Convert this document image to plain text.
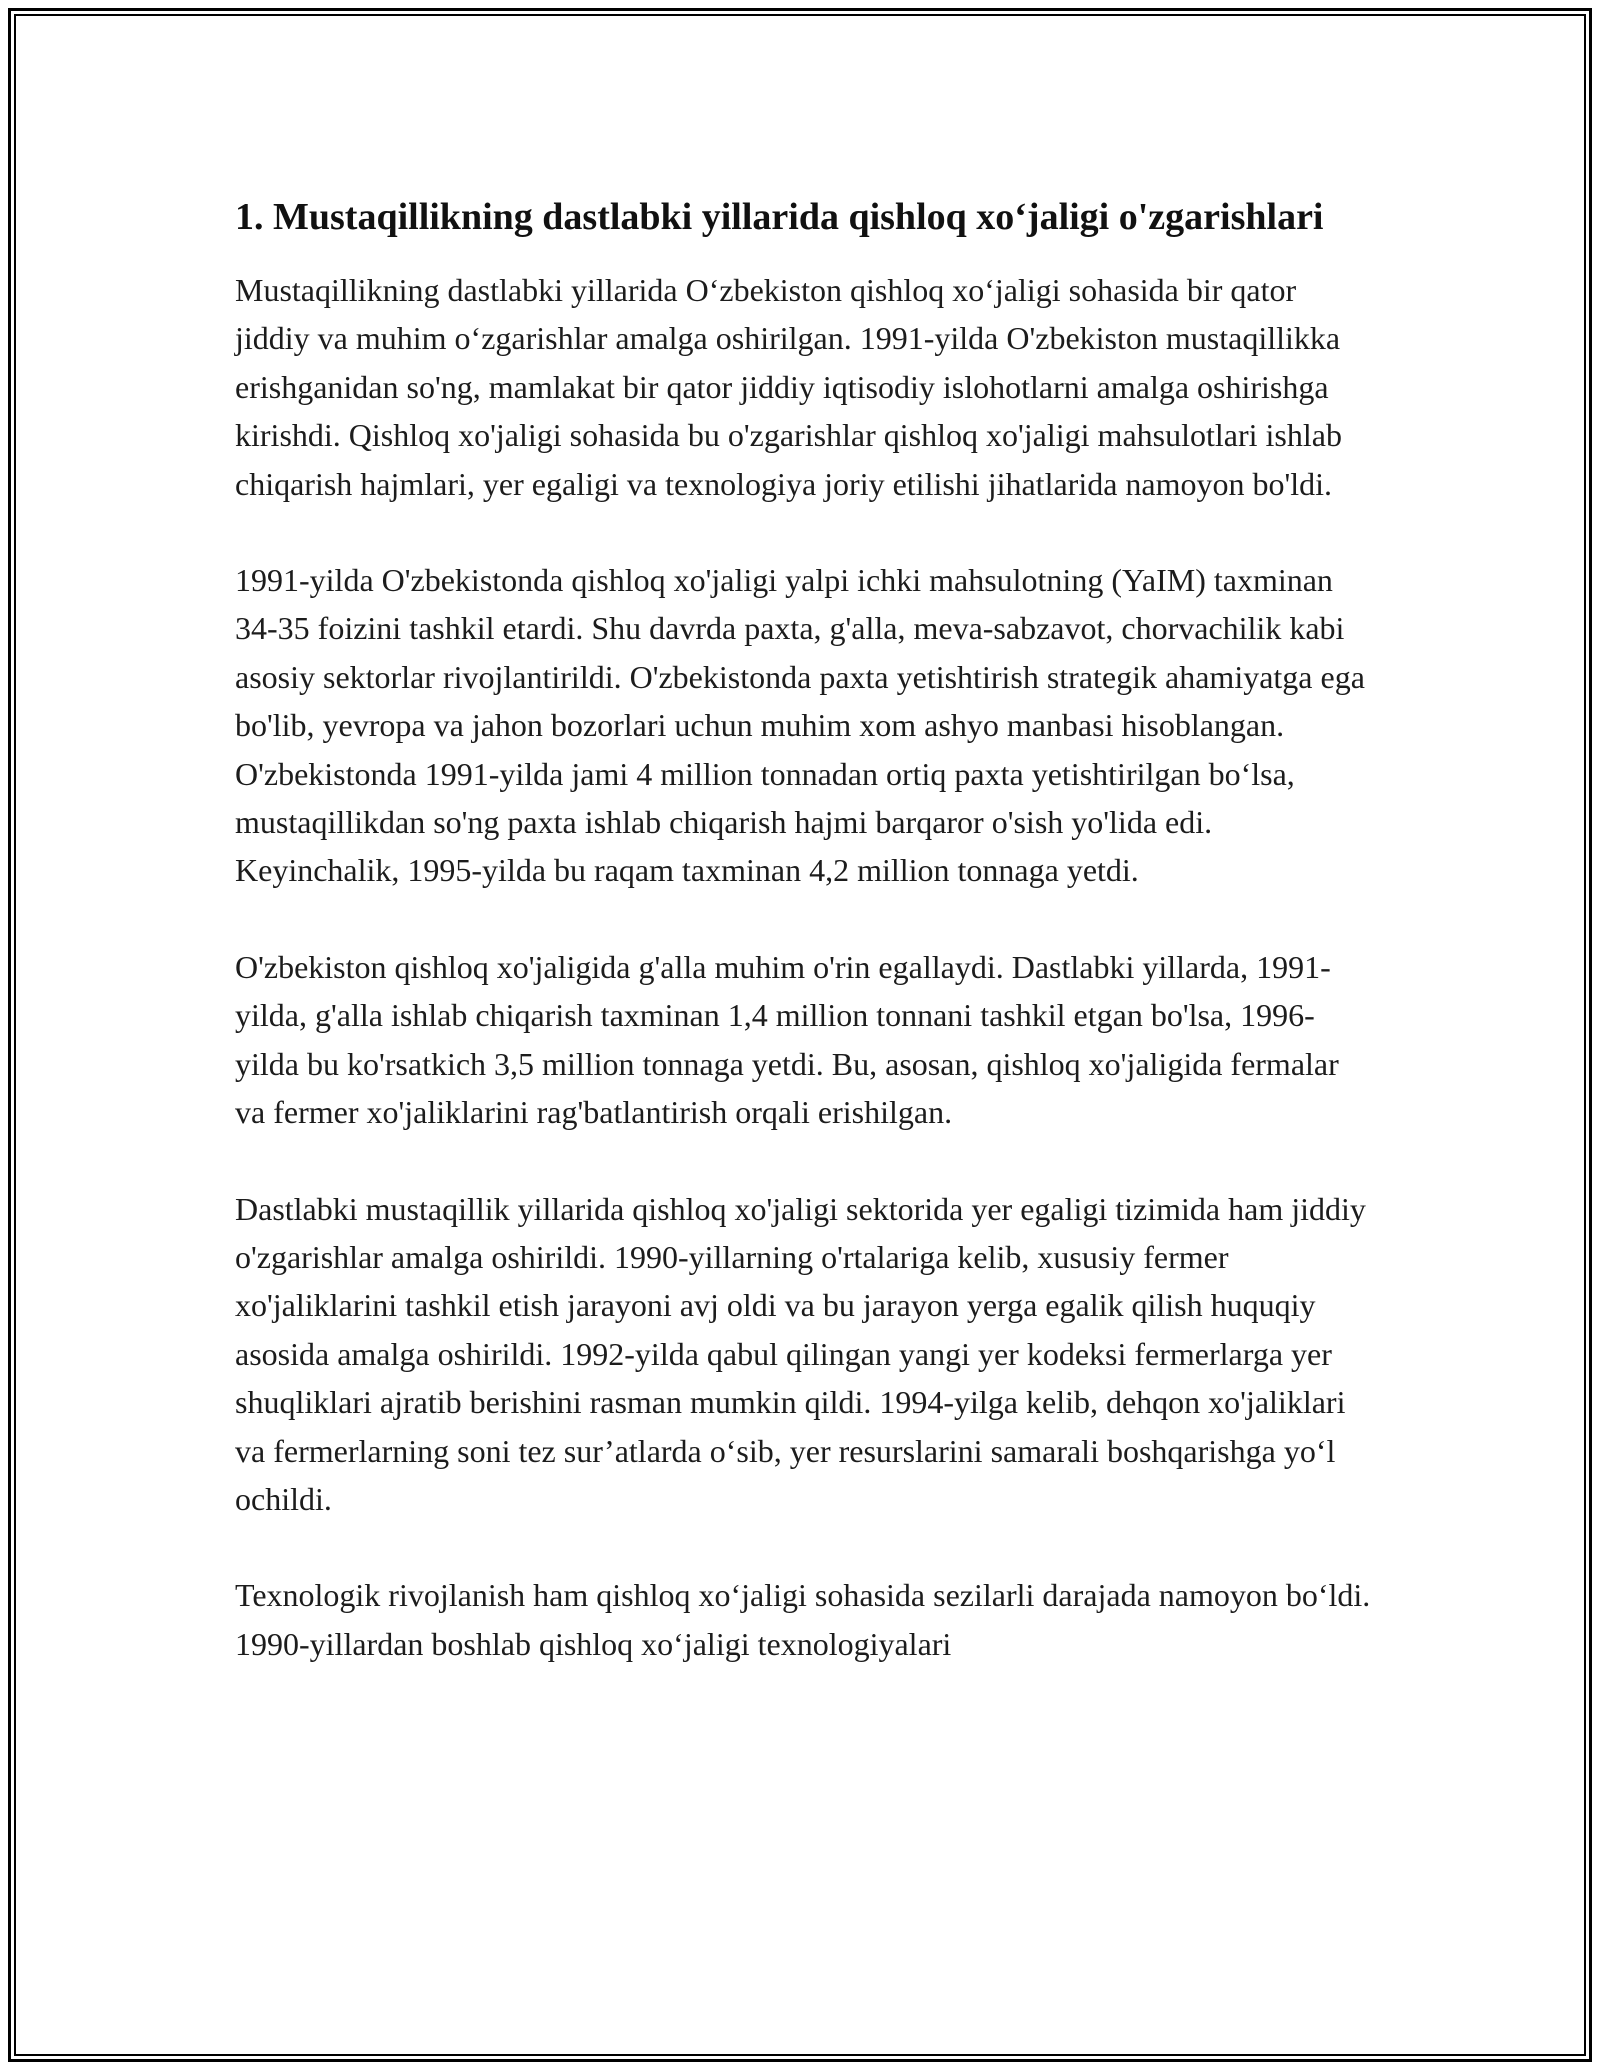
1. Mustaqillikning dastlabki yillarida qishloq xo‘jaligi o'zgarishlari

Mustaqillikning dastlabki yillarida O‘zbekiston qishloq xo‘jaligi sohasida bir qator jiddiy va muhim o‘zgarishlar amalga oshirilgan. 1991-yilda O'zbekiston mustaqillikka erishganidan so'ng, mamlakat bir qator jiddiy iqtisodiy islohotlarni amalga oshirishga kirishdi. Qishloq xo'jaligi sohasida bu o'zgarishlar qishloq xo'jaligi mahsulotlari ishlab chiqarish hajmlari, yer egaligi va texnologiya joriy etilishi jihatlarida namoyon bo'ldi.

1991-yilda O'zbekistonda qishloq xo'jaligi yalpi ichki mahsulotning (YaIM) taxminan 34-35 foizini tashkil etardi. Shu davrda paxta, g'alla, meva-sabzavot, chorvachilik kabi asosiy sektorlar rivojlantirildi. O'zbekistonda paxta yetishtirish strategik ahamiyatga ega bo'lib, yevropa va jahon bozorlari uchun muhim xom ashyo manbasi hisoblangan. O'zbekistonda 1991-yilda jami 4 million tonnadan ortiq paxta yetishtirilgan bo‘lsa, mustaqillikdan so'ng paxta ishlab chiqarish hajmi barqaror o'sish yo'lida edi. Keyinchalik, 1995-yilda bu raqam taxminan 4,2 million tonnaga yetdi.

O'zbekiston qishloq xo'jaligida g'alla muhim o'rin egallaydi. Dastlabki yillarda, 1991-yilda, g'alla ishlab chiqarish taxminan 1,4 million tonnani tashkil etgan bo'lsa, 1996-yilda bu ko'rsatkich 3,5 million tonnaga yetdi. Bu, asosan, qishloq xo'jaligida fermalar va fermer xo'jaliklarini rag'batlantirish orqali erishilgan.

Dastlabki mustaqillik yillarida qishloq xo'jaligi sektorida yer egaligi tizimida ham jiddiy o'zgarishlar amalga oshirildi. 1990-yillarning o'rtalariga kelib, xususiy fermer xo'jaliklarini tashkil etish jarayoni avj oldi va bu jarayon yerga egalik qilish huquqiy asosida amalga oshirildi. 1992-yilda qabul qilingan yangi yer kodeksi fermerlarga yer shuqliklari ajratib berishini rasman mumkin qildi. 1994-yilga kelib, dehqon xo'jaliklari va fermerlarning soni tez sur’atlarda o‘sib, yer resurslarini samarali boshqarishga yo‘l ochildi.

Texnologik rivojlanish ham qishloq xo‘jaligi sohasida sezilarli darajada namoyon bo‘ldi. 1990-yillardan boshlab qishloq xo‘jaligi texnologiyalari
